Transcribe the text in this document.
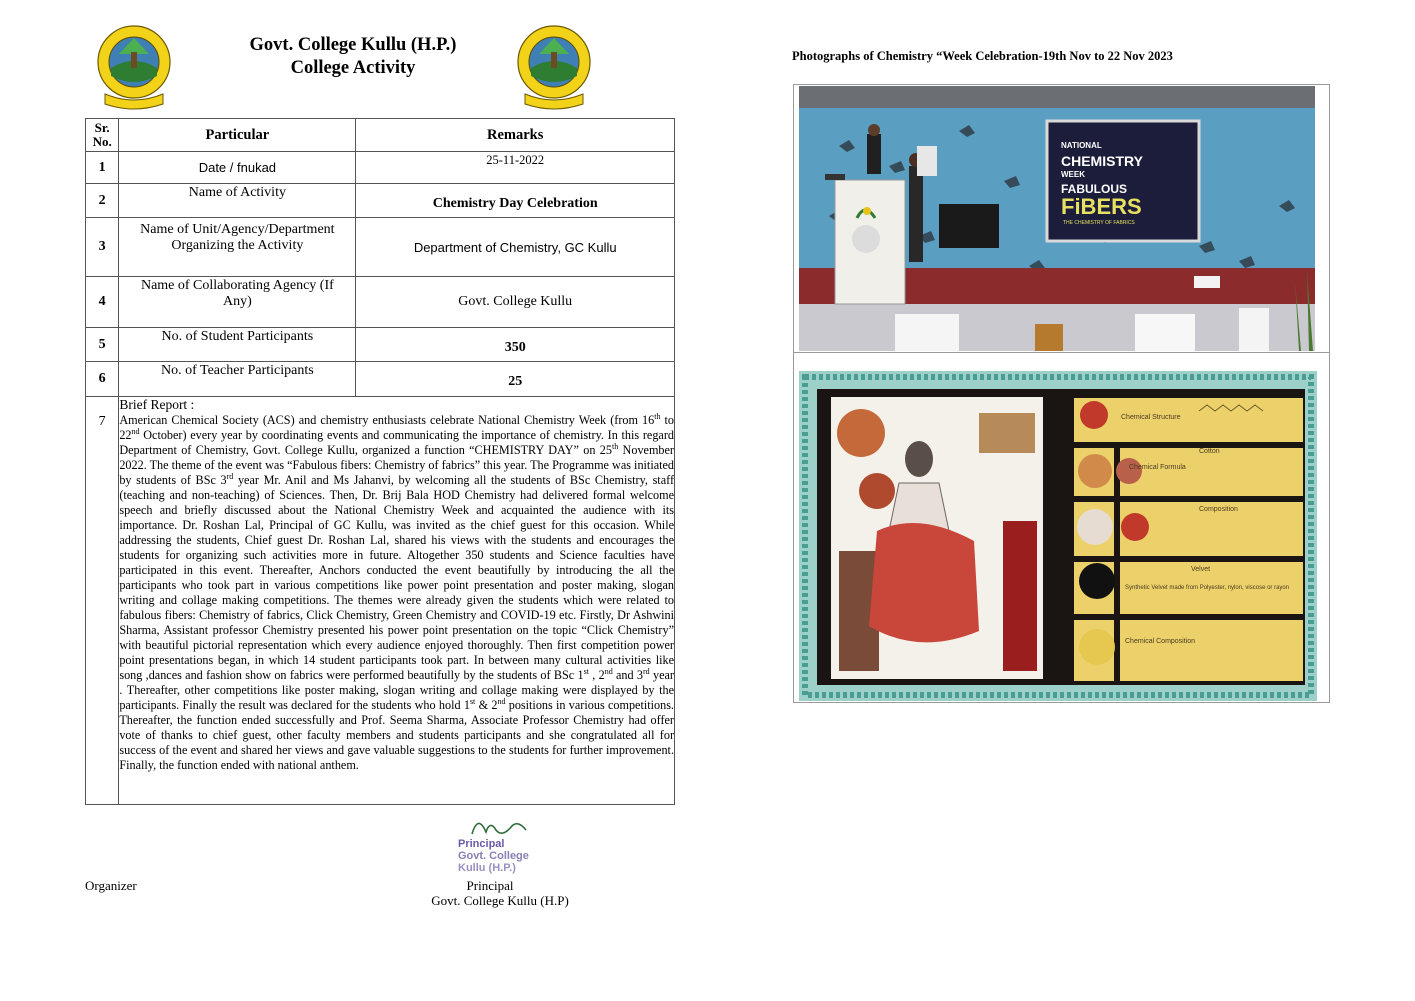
Govt. College Kullu (H.P.)
College Activity
Sr. No.	Particular	Remarks
1	Date / fnukad	25-11-2022
2	Name of Activity	Chemistry Day Celebration
3	Name of Unit/Agency/Department Organizing the Activity	Department of Chemistry, GC Kullu
4	Name of Collaborating Agency (If Any)	Govt. College Kullu
5	No. of Student Participants	350
6	No. of Teacher Participants	25
7	Brief Report :
American Chemical Society (ACS) and chemistry enthusiasts celebrate National Chemistry Week (from 16th to 22nd October) every year by coordinating events and communicating the importance of chemistry. In this regard Department of Chemistry, Govt. College Kullu, organized a function “CHEMISTRY DAY” on 25th November 2022. The theme of the event was “Fabulous fibers: Chemistry of fabrics” this year. The Programme was initiated by students of BSc 3rd year Mr. Anil and Ms Jahanvi, by welcoming all the students of BSc Chemistry, staff (teaching and non-teaching) of Sciences. Then, Dr. Brij Bala HOD Chemistry had delivered formal welcome speech and briefly discussed about the National Chemistry Week and acquainted the audience with its importance. Dr. Roshan Lal, Principal of GC Kullu, was invited as the chief guest for this occasion. While addressing the students, Chief guest Dr. Roshan Lal, shared his views with the students and encourages the students for organizing such activities more in future. Altogether 350 students and Science faculties have participated in this event. Thereafter, Anchors conducted the event beautifully by introducing the all the participants who took part in various competitions like power point presentation and poster making, slogan writing and collage making competitions. The themes were already given the students which were related to fabulous fibers: Chemistry of fabrics, Click Chemistry, Green Chemistry and COVID-19 etc. Firstly, Dr Ashwini Sharma, Assistant professor Chemistry presented his power point presentation on the topic “Click Chemistry” with beautiful pictorial representation which every audience enjoyed thoroughly. Then first competition power point presentations began, in which 14 student participants took part. In between many cultural activities like song ,dances and fashion show on fabrics were performed beautifully by the students of BSc 1st , 2nd and 3rd year . Thereafter, other competitions like poster making, slogan writing and collage making were displayed by the participants. Finally the result was declared for the students who hold 1st & 2nd positions in various competitions. Thereafter, the function ended successfully and Prof. Seema Sharma, Associate Professor Chemistry had offer vote of thanks to chief guest, other faculty members and students participants and she congratulated all for success of the event and shared her views and gave valuable suggestions to the students for further improvement. Finally, the function ended with national anthem.	
Photographs of Chemistry “Week Celebration-19th Nov to 22 Nov 2023
NATIONAL
CHEMISTRY
WEEK
FABULOUS
FiBERS
THE CHEMISTRY OF FABRICS
Chemical Structure
Cotton
Chemical Formula
Composition
Velvet
Synthetic Velvet made from Polyester, nylon, viscose or rayon
Chemical Composition
Organizer
Principal
Govt. College
Kullu (H.P.)
Principal
Govt. College Kullu (H.P)
